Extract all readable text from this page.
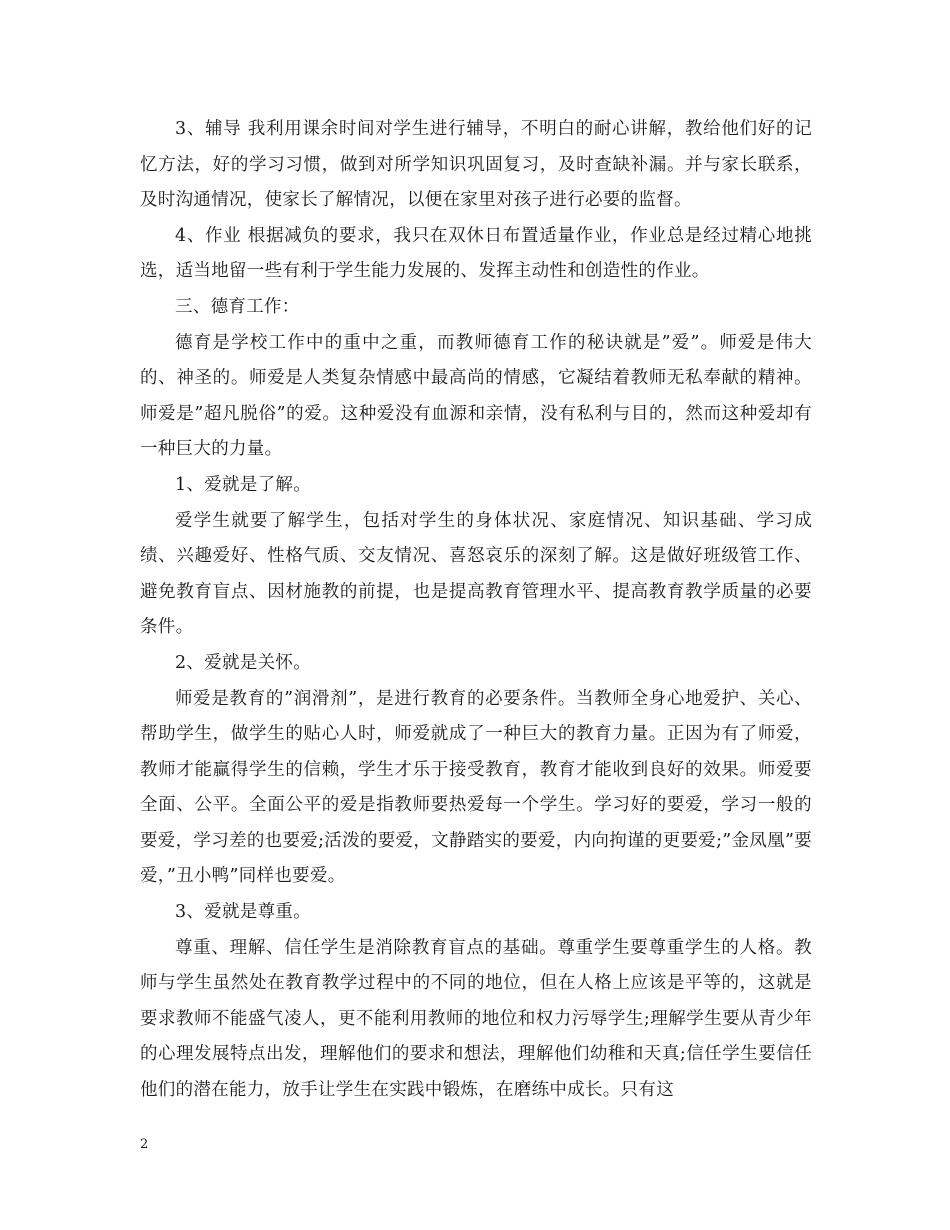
3、辅导 我利用课余时间对学生进行辅导，不明白的耐心讲解，教给他们好的记忆方法，好的学习习惯，做到对所学知识巩固复习，及时查缺补漏。并与家长联系，及时沟通情况，使家长了解情况，以便在家里对孩子进行必要的监督。

4、作业 根据减负的要求，我只在双休日布置适量作业，作业总是经过精心地挑选，适当地留一些有利于学生能力发展的、发挥主动性和创造性的作业。

三、德育工作：

德育是学校工作中的重中之重，而教师德育工作的秘诀就是”爱”。师爱是伟大的、神圣的。师爱是人类复杂情感中最高尚的情感，它凝结着教师无私奉献的精神。师爱是”超凡脱俗”的爱。这种爱没有血源和亲情，没有私利与目的，然而这种爱却有一种巨大的力量。

1、爱就是了解。

爱学生就要了解学生，包括对学生的身体状况、家庭情况、知识基础、学习成绩、兴趣爱好、性格气质、交友情况、喜怒哀乐的深刻了解。这是做好班级管工作、避免教育盲点、因材施教的前提，也是提高教育管理水平、提高教育教学质量的必要条件。

2、爱就是关怀。

师爱是教育的”润滑剂”，是进行教育的必要条件。当教师全身心地爱护、关心、帮助学生，做学生的贴心人时，师爱就成了一种巨大的教育力量。正因为有了师爱，教师才能赢得学生的信赖，学生才乐于接受教育，教育才能收到良好的效果。师爱要全面、公平。全面公平的爱是指教师要热爱每一个学生。学习好的要爱，学习一般的要爱，学习差的也要爱;活泼的要爱，文静踏实的要爱，内向拘谨的更要爱;”金凤凰”要爱，”丑小鸭”同样也要爱。

3、爱就是尊重。

尊重、理解、信任学生是消除教育盲点的基础。尊重学生要尊重学生的人格。教师与学生虽然处在教育教学过程中的不同的地位，但在人格上应该是平等的，这就是要求教师不能盛气凌人，更不能利用教师的地位和权力污辱学生;理解学生要从青少年的心理发展特点出发，理解他们的要求和想法，理解他们幼稚和天真;信任学生要信任他们的潜在能力，放手让学生在实践中锻炼，在磨练中成长。只有这

2
